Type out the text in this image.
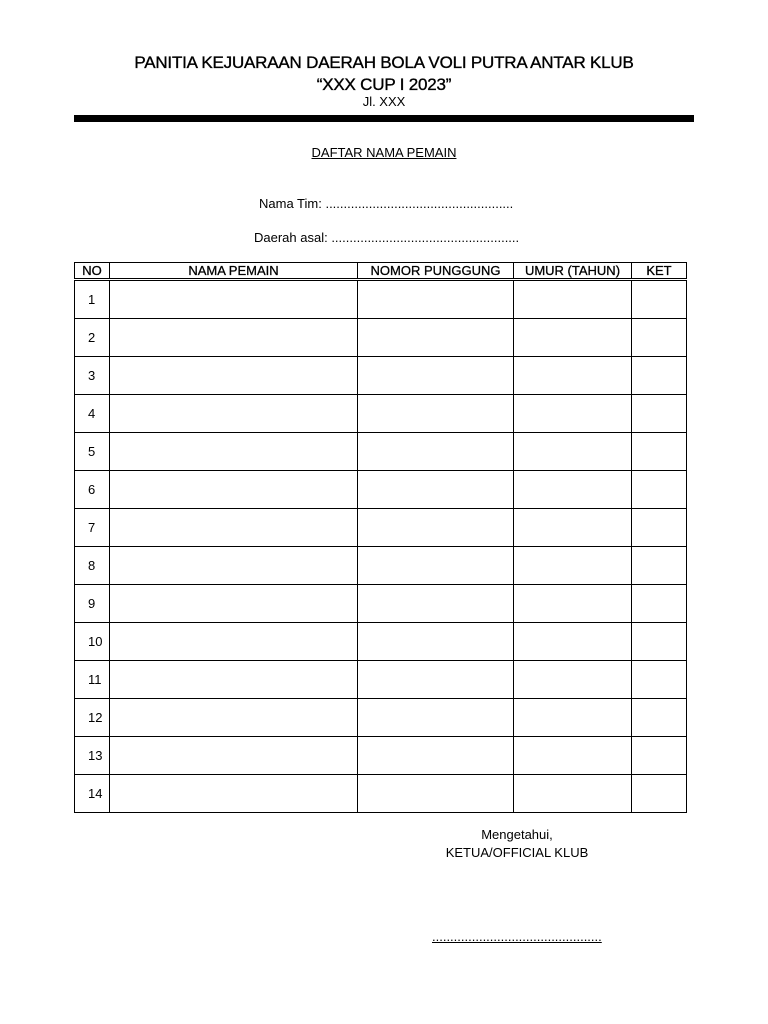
PANITIA KEJUARAAN DAERAH BOLA VOLI PUTRA ANTAR KLUB
“XXX CUP I 2023”
Jl. XXX
DAFTAR NAMA PEMAIN
Nama Tim: ....................................................
Daerah asal: ....................................................
NO	NAMA PEMAIN	NOMOR PUNGGUNG	UMUR (TAHUN)	KET
1				
2				
3				
4				
5				
6				
7				
8				
9				
10				
11				
12				
13				
14				
Mengetahui,
KETUA/OFFICIAL KLUB
...............................................
